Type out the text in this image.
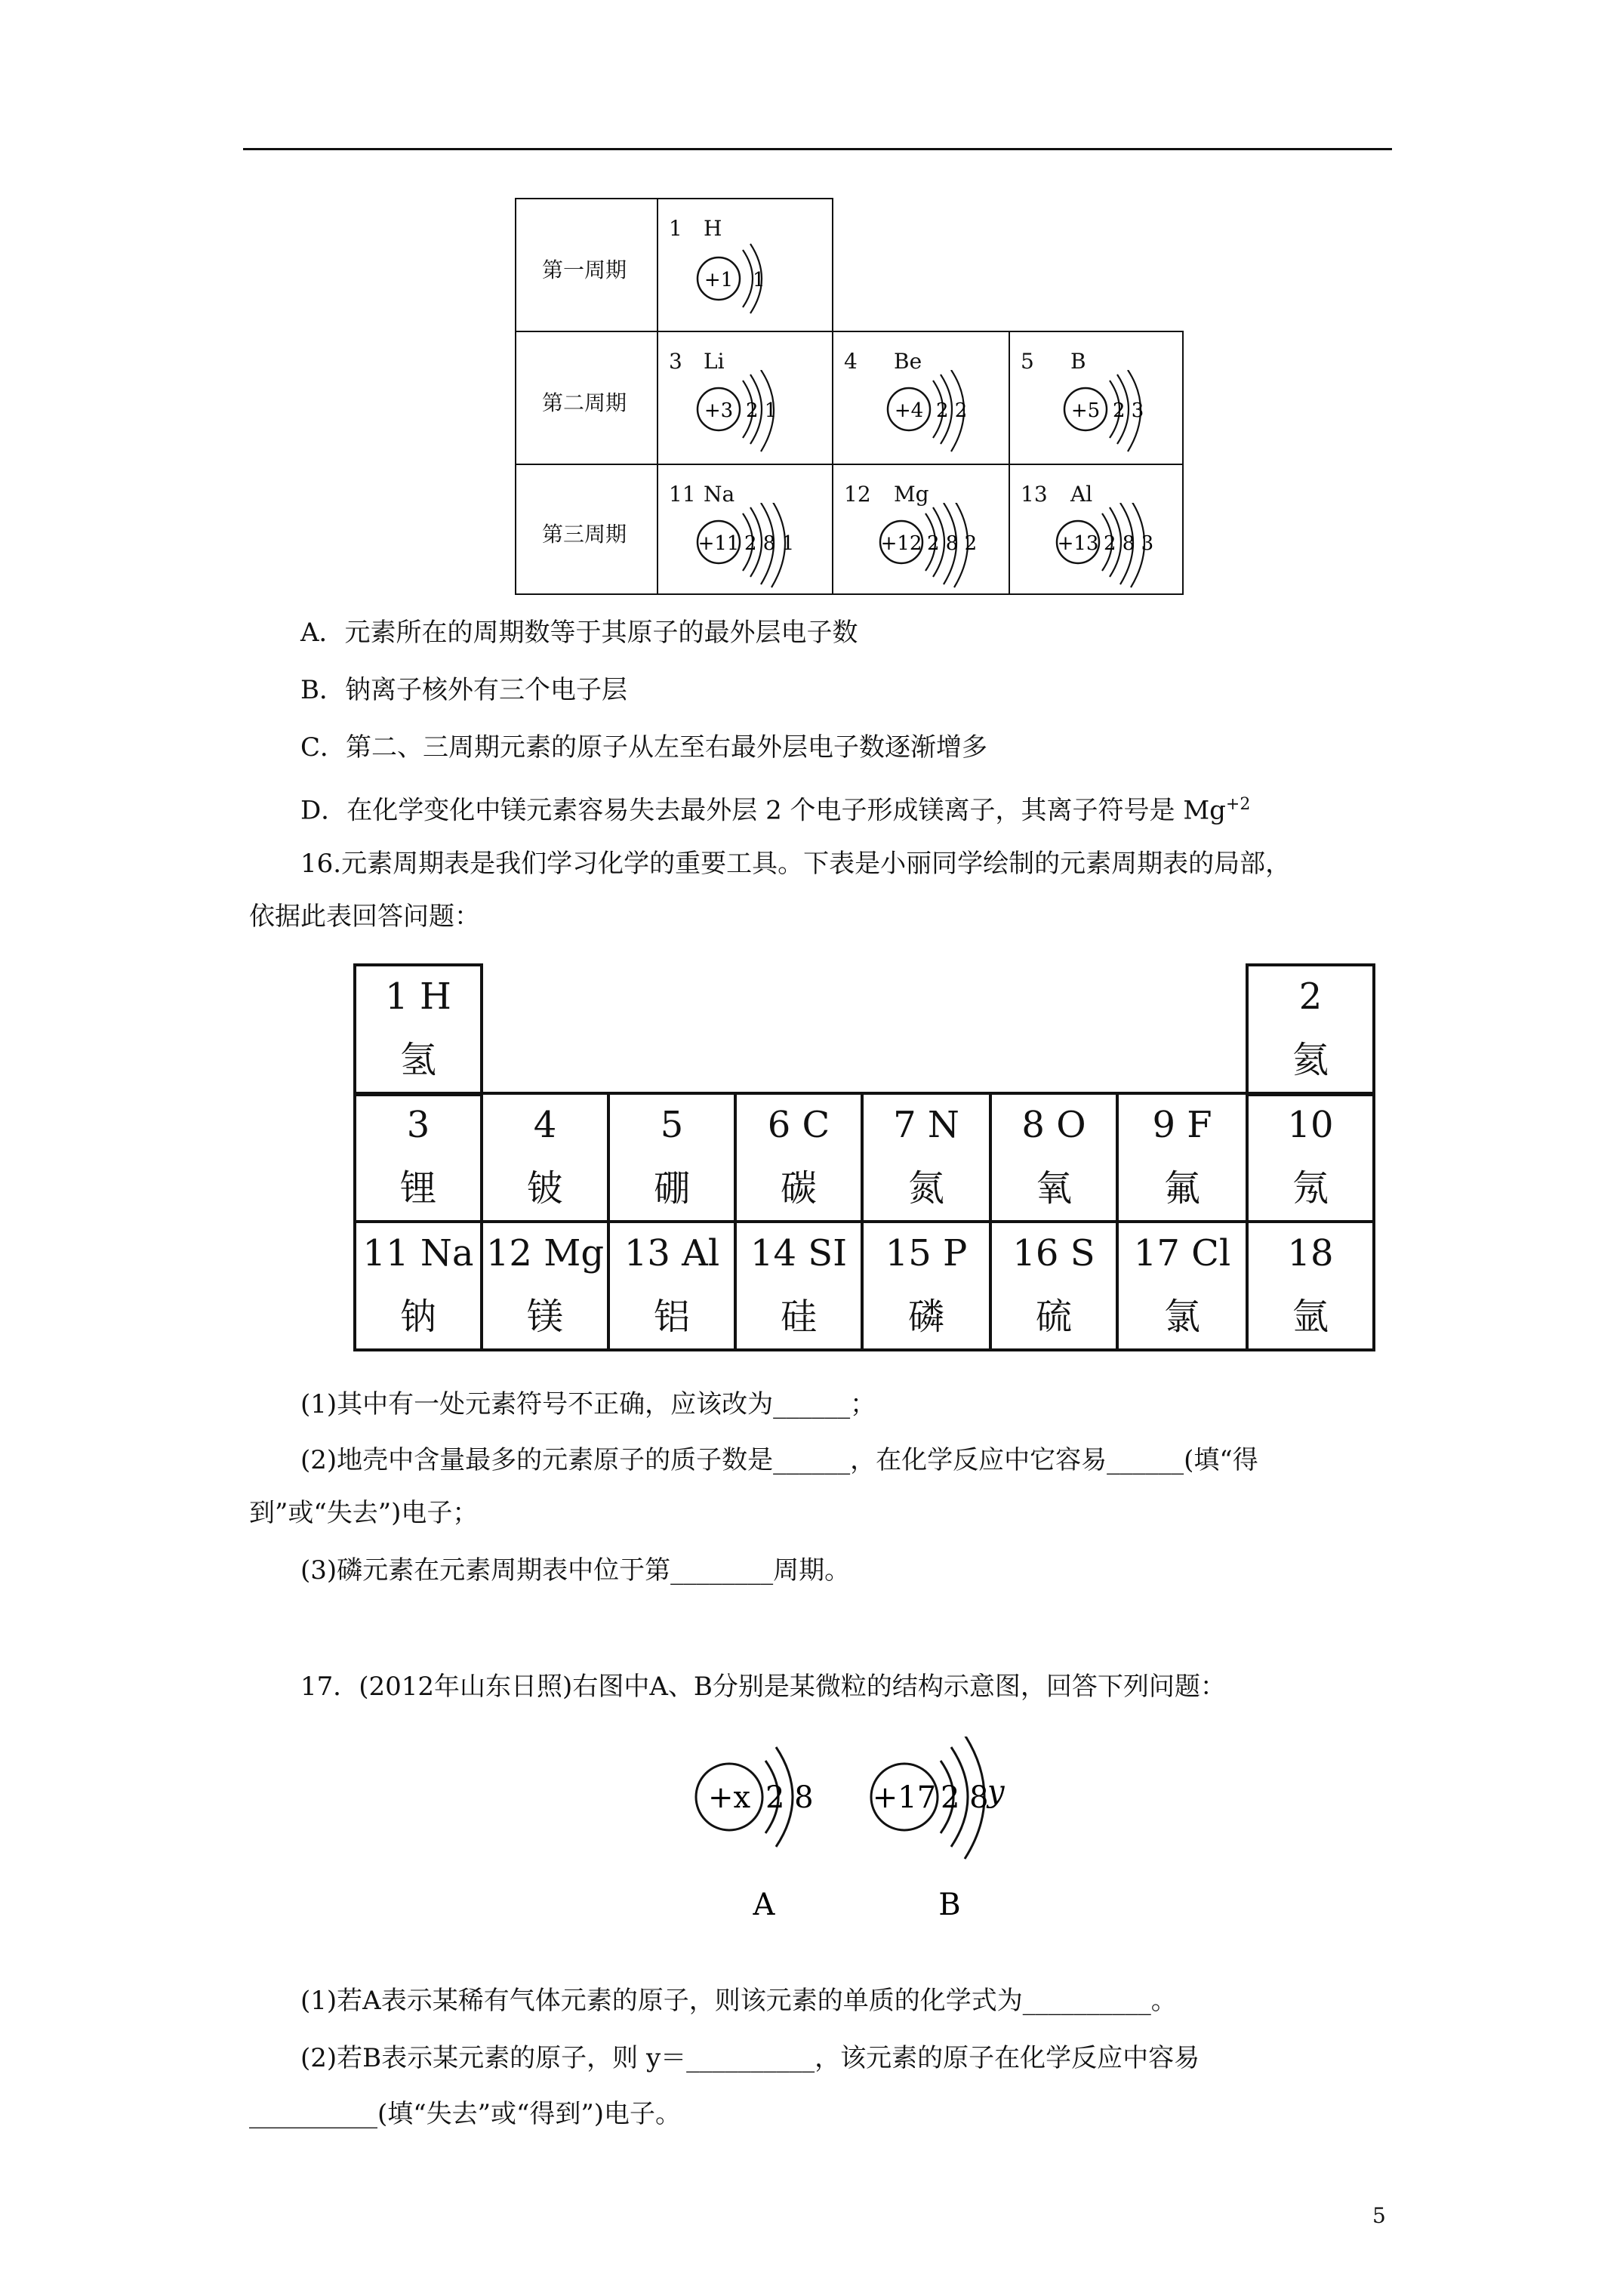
第一周期
第二周期
第三周期
1 H
+1 1
3 Li
+3 2 1
4 Be
+4 2 2
5 B
+5 2 3
11 Na
+11 2 8 1
12 Mg
+12 2 8 2
13 Al
+13 2 8 3
A．元素所在的周期数等于其原子的最外层电子数
B．钠离子核外有三个电子层
C．第二、三周期元素的原子从左至右最外层电子数逐渐增多
D．在化学变化中镁元素容易失去最外层 2 个电子形成镁离子，其离子符号是 $Mg^{+2}$
16.元素周期表是我们学习化学的重要工具。下表是小丽同学绘制的元素周期表的局部，
依据此表回答问题：
1 H
氢
2
氦
3
锂
4
铍
5
硼
6 C
碳
7 N
氮
8 O
氧
9 F
氟
10
氖
11 Na
钠
12 Mg
镁
13 Al
铝
14 SI
硅
15 P
磷
16 S
硫
17 Cl
氯
18
氩
(1)其中有一处元素符号不正确，应该改为______；
(2)地壳中含量最多的元素原子的质子数是______，在化学反应中它容易______(填“得
到”或“失去”)电子；
(3)磷元素在元素周期表中位于第________周期。
17．(2012年山东日照)右图中A、B分别是某微粒的结构示意图，回答下列问题：
+x 2 8
A
+17 2 8
y
B
(1)若A表示某稀有气体元素的原子，则该元素的单质的化学式为__________。
(2)若B表示某元素的原子，则 y＝__________，该元素的原子在化学反应中容易
__________(填“失去”或“得到”)电子。
5
